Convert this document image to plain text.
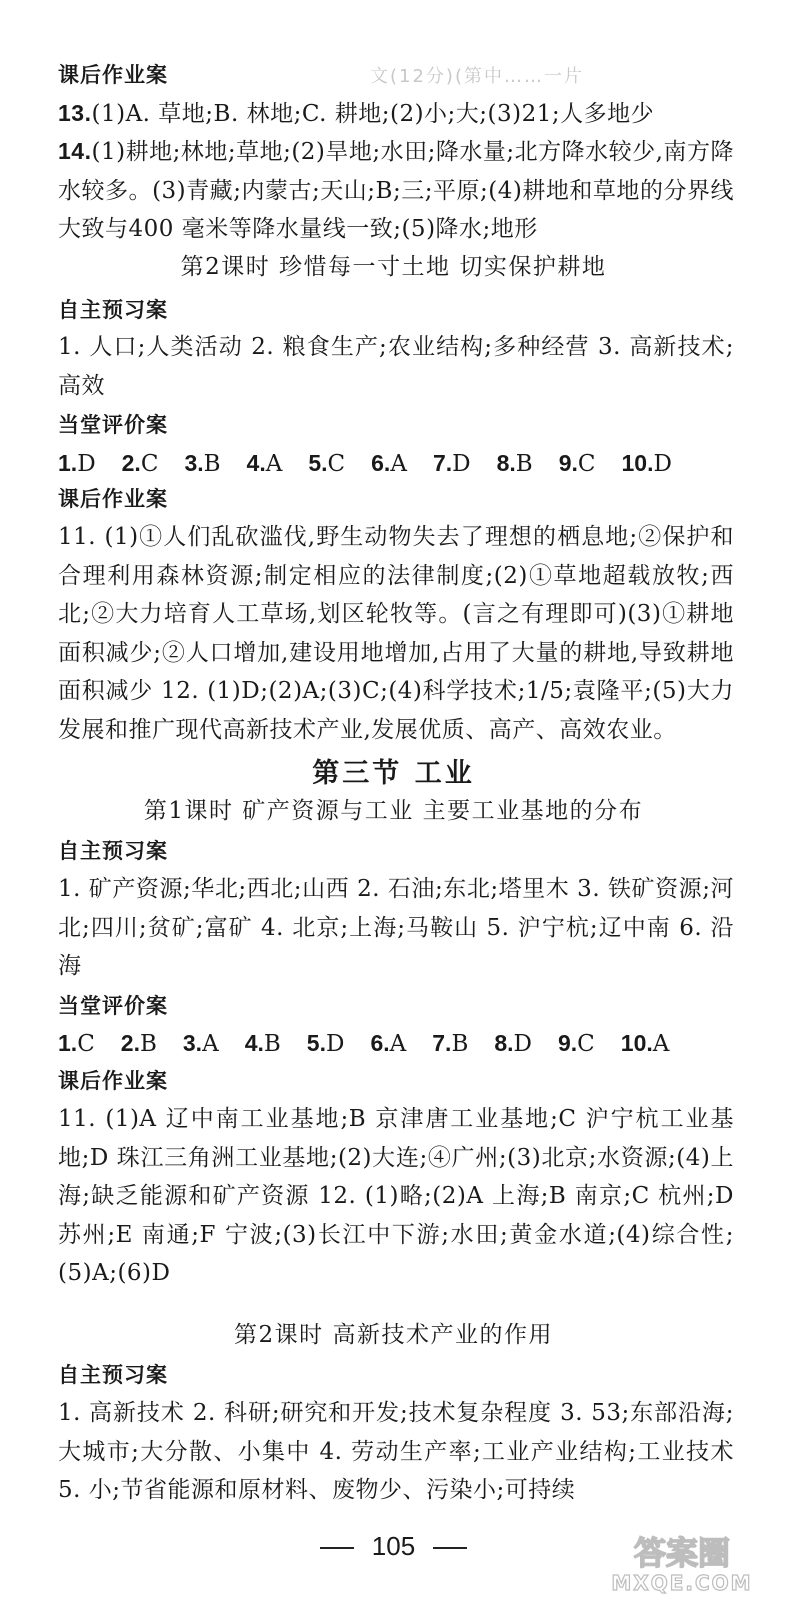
文(12分)(第中……一片
课后作业案
13.(1)A. 草地;B. 林地;C. 耕地;(2)小;大;(3)21;人多地少
14.(1)耕地;林地;草地;(2)旱地;水田;降水量;北方降水较少,南方降水较多。(3)青藏;内蒙古;天山;B;三;平原;(4)耕地和草地的分界线大致与400 毫米等降水量线一致;(5)降水;地形
第2课时 珍惜每一寸土地 切实保护耕地
自主预习案
1. 人口;人类活动 2. 粮食生产;农业结构;多种经营 3. 高新技术;高效
当堂评价案
1.D 2.C 3.B 4.A 5.C 6.A 7.D 8.B 9.C 10.D
课后作业案
11. (1)①人们乱砍滥伐,野生动物失去了理想的栖息地;②保护和合理利用森林资源;制定相应的法律制度;(2)①草地超载放牧;西北;②大力培育人工草场,划区轮牧等。(言之有理即可)(3)①耕地面积减少;②人口增加,建设用地增加,占用了大量的耕地,导致耕地面积减少 12. (1)D;(2)A;(3)C;(4)科学技术;1/5;袁隆平;(5)大力发展和推广现代高新技术产业,发展优质、高产、高效农业。
第三节 工业
第1课时 矿产资源与工业 主要工业基地的分布
自主预习案
1. 矿产资源;华北;西北;山西 2. 石油;东北;塔里木 3. 铁矿资源;河北;四川;贫矿;富矿 4. 北京;上海;马鞍山 5. 沪宁杭;辽中南 6. 沿海
当堂评价案
1.C 2.B 3.A 4.B 5.D 6.A 7.B 8.D 9.C 10.A
课后作业案
11. (1)A 辽中南工业基地;B 京津唐工业基地;C 沪宁杭工业基地;D 珠江三角洲工业基地;(2)大连;④广州;(3)北京;水资源;(4)上海;缺乏能源和矿产资源 12. (1)略;(2)A 上海;B 南京;C 杭州;D 苏州;E 南通;F 宁波;(3)长江中下游;水田;黄金水道;(4)综合性;(5)A;(6)D
第2课时 高新技术产业的作用
自主预习案
1. 高新技术 2. 科研;研究和开发;技术复杂程度 3. 53;东部沿海;大城市;大分散、小集中 4. 劳动生产率;工业产业结构;工业技术 5. 小;节省能源和原材料、废物少、污染小;可持续
105	答案圈
MXQE.COM
